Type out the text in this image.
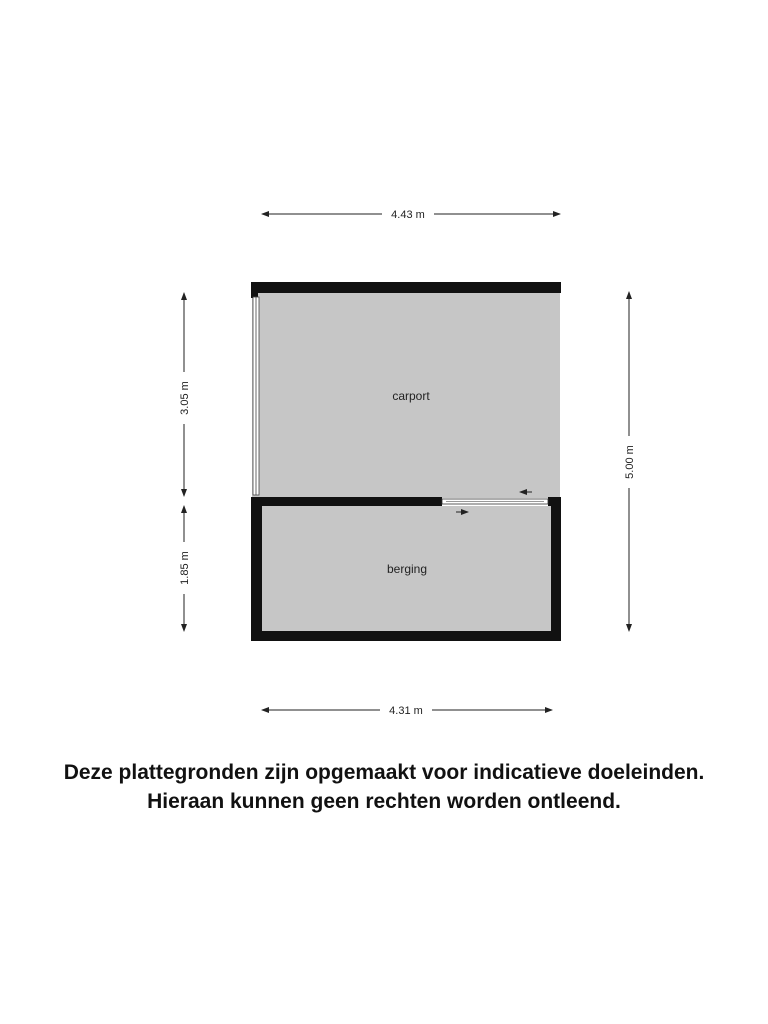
carport
berging
4.43 m
4.31 m
3.05 m
1.85 m
5.00 m
Deze plattegronden zijn opgemaakt voor indicatieve doeleinden.
Hieraan kunnen geen rechten worden ontleend.
